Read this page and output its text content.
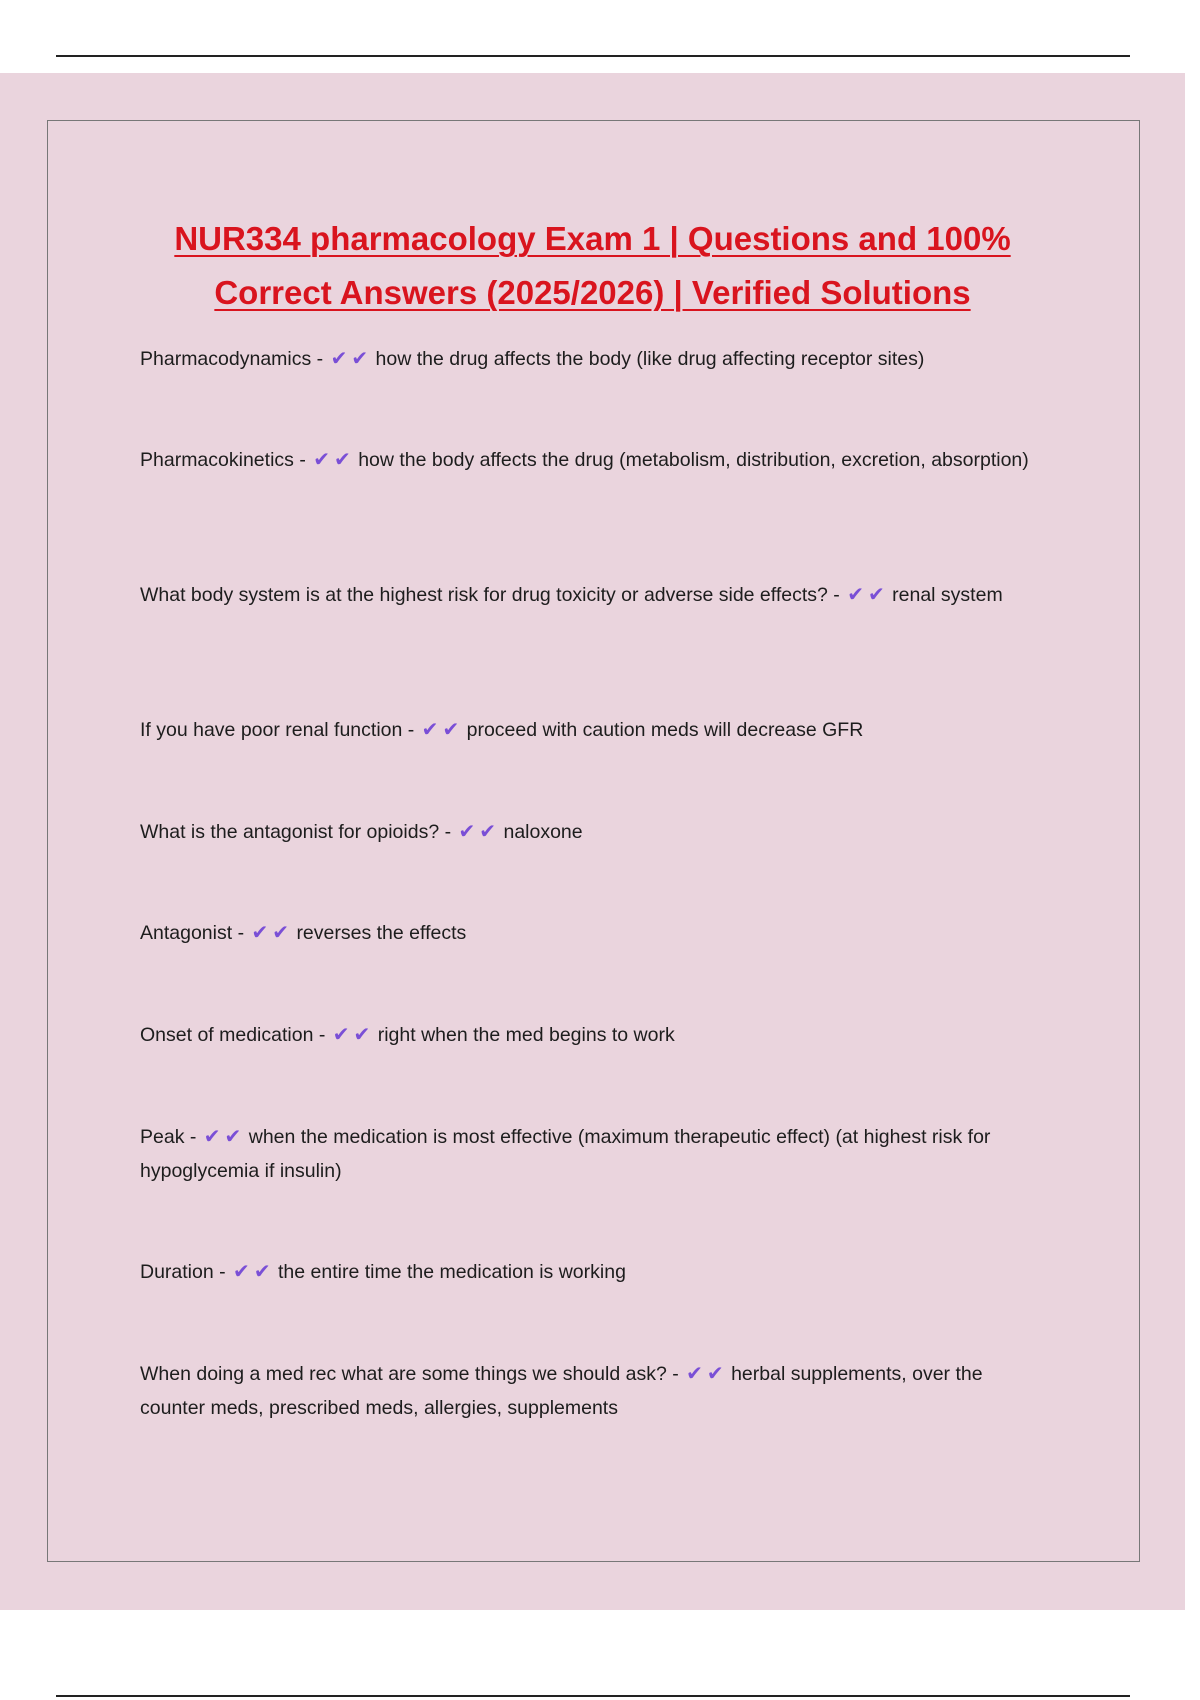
NUR334 pharmacology Exam 1 | Questions and 100%
Correct Answers (2025/2026) | Verified Solutions
Pharmacodynamics - ✔ ✔ how the drug affects the body (like drug affecting receptor sites)
Pharmacokinetics - ✔ ✔ how the body affects the drug (metabolism, distribution, excretion, absorption)
What body system is at the highest risk for drug toxicity or adverse side effects? - ✔ ✔ renal system
If you have poor renal function - ✔ ✔ proceed with caution meds will decrease GFR
What is the antagonist for opioids? - ✔ ✔ naloxone
Antagonist - ✔ ✔ reverses the effects
Onset of medication - ✔ ✔ right when the med begins to work
Peak - ✔ ✔ when the medication is most effective (maximum therapeutic effect) (at highest risk for hypoglycemia if insulin)
Duration - ✔ ✔ the entire time the medication is working
When doing a med rec what are some things we should ask? - ✔ ✔ herbal supplements, over the counter meds, prescribed meds, allergies, supplements
